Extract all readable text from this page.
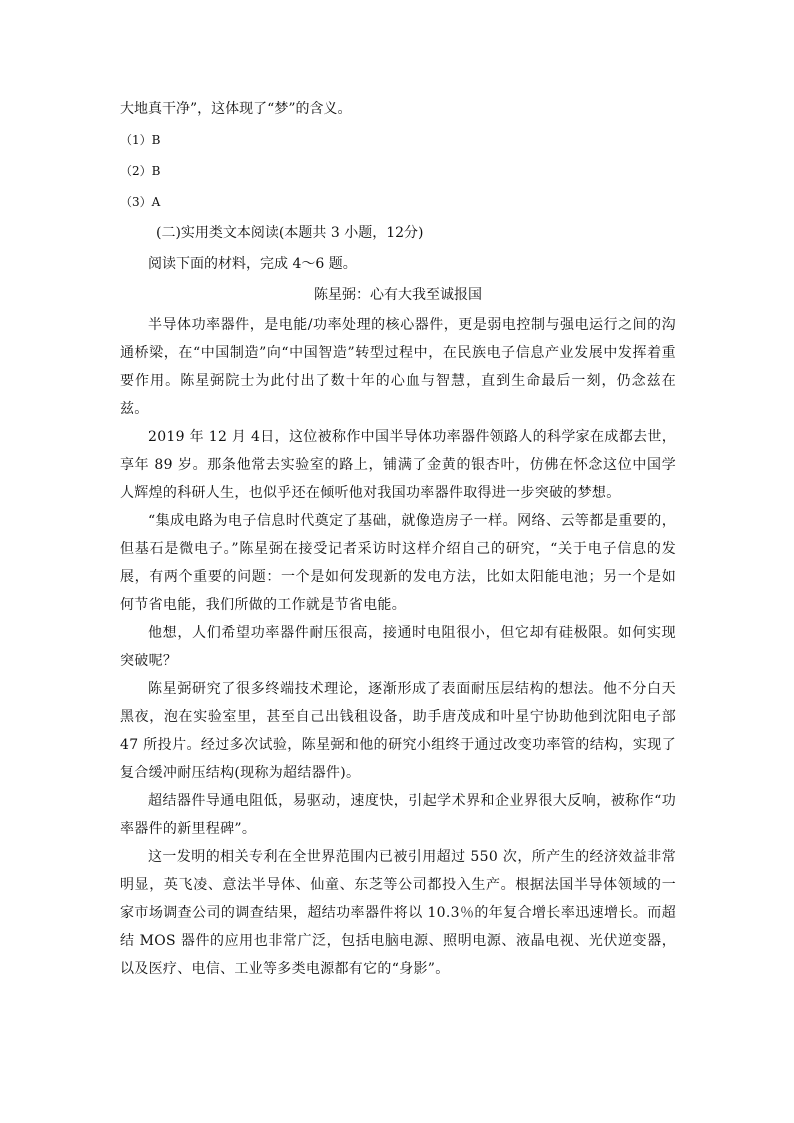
大地真干净”，这体现了“梦”的含义。

（1）B

（2）B

（3）A

(二)实用类文本阅读(本题共 3 小题，12分)

阅读下面的材料，完成 4～6 题。

陈星弼：心有大我至诚报国

半导体功率器件，是电能/功率处理的核心器件，更是弱电控制与强电运行之间的沟通桥梁，在“中国制造”向“中国智造”转型过程中，在民族电子信息产业发展中发挥着重要作用。陈星弼院士为此付出了数十年的心血与智慧，直到生命最后一刻，仍念兹在兹。

2019 年 12 月 4日，这位被称作中国半导体功率器件领路人的科学家在成都去世，享年 89 岁。那条他常去实验室的路上，铺满了金黄的银杏叶，仿佛在怀念这位中国学人辉煌的科研人生，也似乎还在倾听他对我国功率器件取得进一步突破的梦想。

“集成电路为电子信息时代奠定了基础，就像造房子一样。网络、云等都是重要的，但基石是微电子。”陈星弼在接受记者采访时这样介绍自己的研究，“关于电子信息的发展，有两个重要的问题：一个是如何发现新的发电方法，比如太阳能电池；另一个是如何节省电能，我们所做的工作就是节省电能。

他想，人们希望功率器件耐压很高，接通时电阻很小，但它却有硅极限。如何实现突破呢？

陈星弼研究了很多终端技术理论，逐渐形成了表面耐压层结构的想法。他不分白天黑夜，泡在实验室里，甚至自己出钱租设备，助手唐茂成和叶星宁协助他到沈阳电子部 47 所投片。经过多次试验，陈星弼和他的研究小组终于通过改变功率管的结构，实现了复合缓冲耐压结构(现称为超结器件)。

超结器件导通电阻低，易驱动，速度快，引起学术界和企业界很大反响，被称作“功率器件的新里程碑”。

这一发明的相关专利在全世界范围内已被引用超过 550 次，所产生的经济效益非常明显，英飞凌、意法半导体、仙童、东芝等公司都投入生产。根据法国半导体领域的一家市场调查公司的调查结果，超结功率器件将以 10.3％的年复合增长率迅速增长。而超结 MOS 器件的应用也非常广泛，包括电脑电源、照明电源、液晶电视、光伏逆变器，以及医疗、电信、工业等多类电源都有它的“身影”。
